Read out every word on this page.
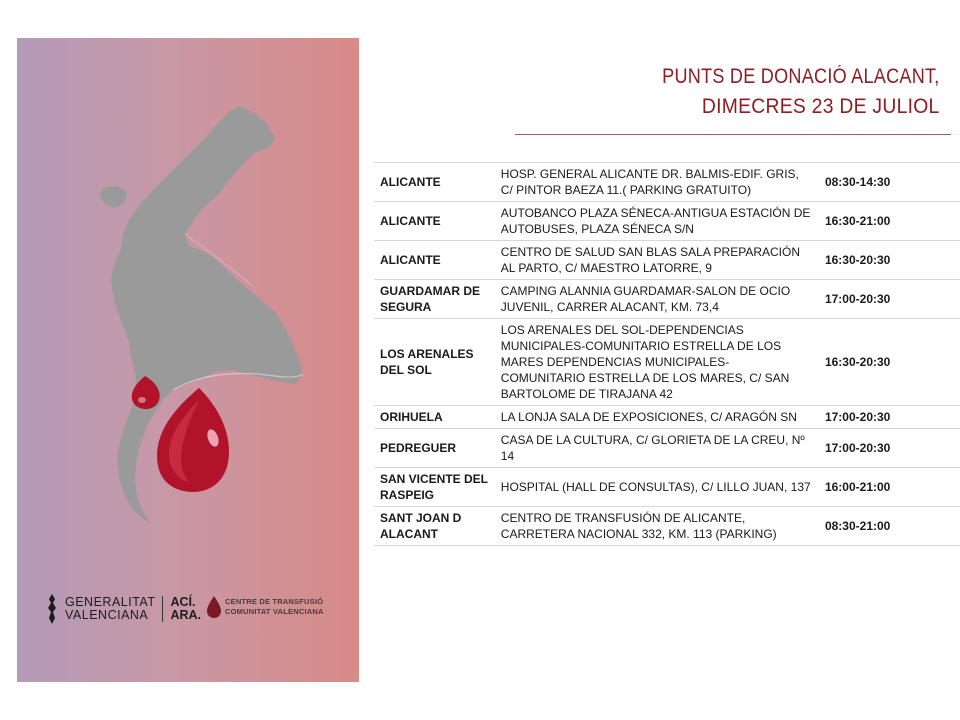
GENERALITAT
VALENCIANA
ACÍ.
ARA.
CENTRE DE TRANSFUSIÓ
COMUNITAT VALENCIANA
PUNTS DE DONACIÓ ALACANT,
DIMECRES 23 DE JULIOL
ALICANTE	HOSP. GENERAL ALICANTE DR. BALMIS-EDIF. GRIS, C/ PINTOR BAEZA 11.( PARKING GRATUITO)	08:30-14:30
ALICANTE	AUTOBANCO PLAZA SÉNECA-ANTIGUA ESTACIÓN DE AUTOBUSES, PLAZA SÉNECA S/N	16:30-21:00
ALICANTE	CENTRO DE SALUD SAN BLAS SALA PREPARACIÓN AL PARTO, C/ MAESTRO LATORRE, 9	16:30-20:30
GUARDAMAR DE SEGURA	CAMPING ALANNIA GUARDAMAR-SALON DE OCIO JUVENIL, CARRER ALACANT, KM. 73,4	17:00-20:30
LOS ARENALES DEL SOL	LOS ARENALES DEL SOL-DEPENDENCIAS MUNICIPALES-COMUNITARIO ESTRELLA DE LOS MARES DEPENDENCIAS MUNICIPALES-COMUNITARIO ESTRELLA DE LOS MARES, C/ SAN BARTOLOME DE TIRAJANA 42	16:30-20:30
ORIHUELA	LA LONJA SALA DE EXPOSICIONES, C/ ARAGÓN SN	17:00-20:30
PEDREGUER	CASA DE LA CULTURA, C/ GLORIETA DE LA CREU, Nº 14	17:00-20:30
SAN VICENTE DEL RASPEIG	HOSPITAL (HALL DE CONSULTAS), C/ LILLO JUAN, 137	16:00-21:00
SANT JOAN D ALACANT	CENTRO DE TRANSFUSIÓN DE ALICANTE, CARRETERA NACIONAL 332, KM. 113 (PARKING)	08:30-21:00
